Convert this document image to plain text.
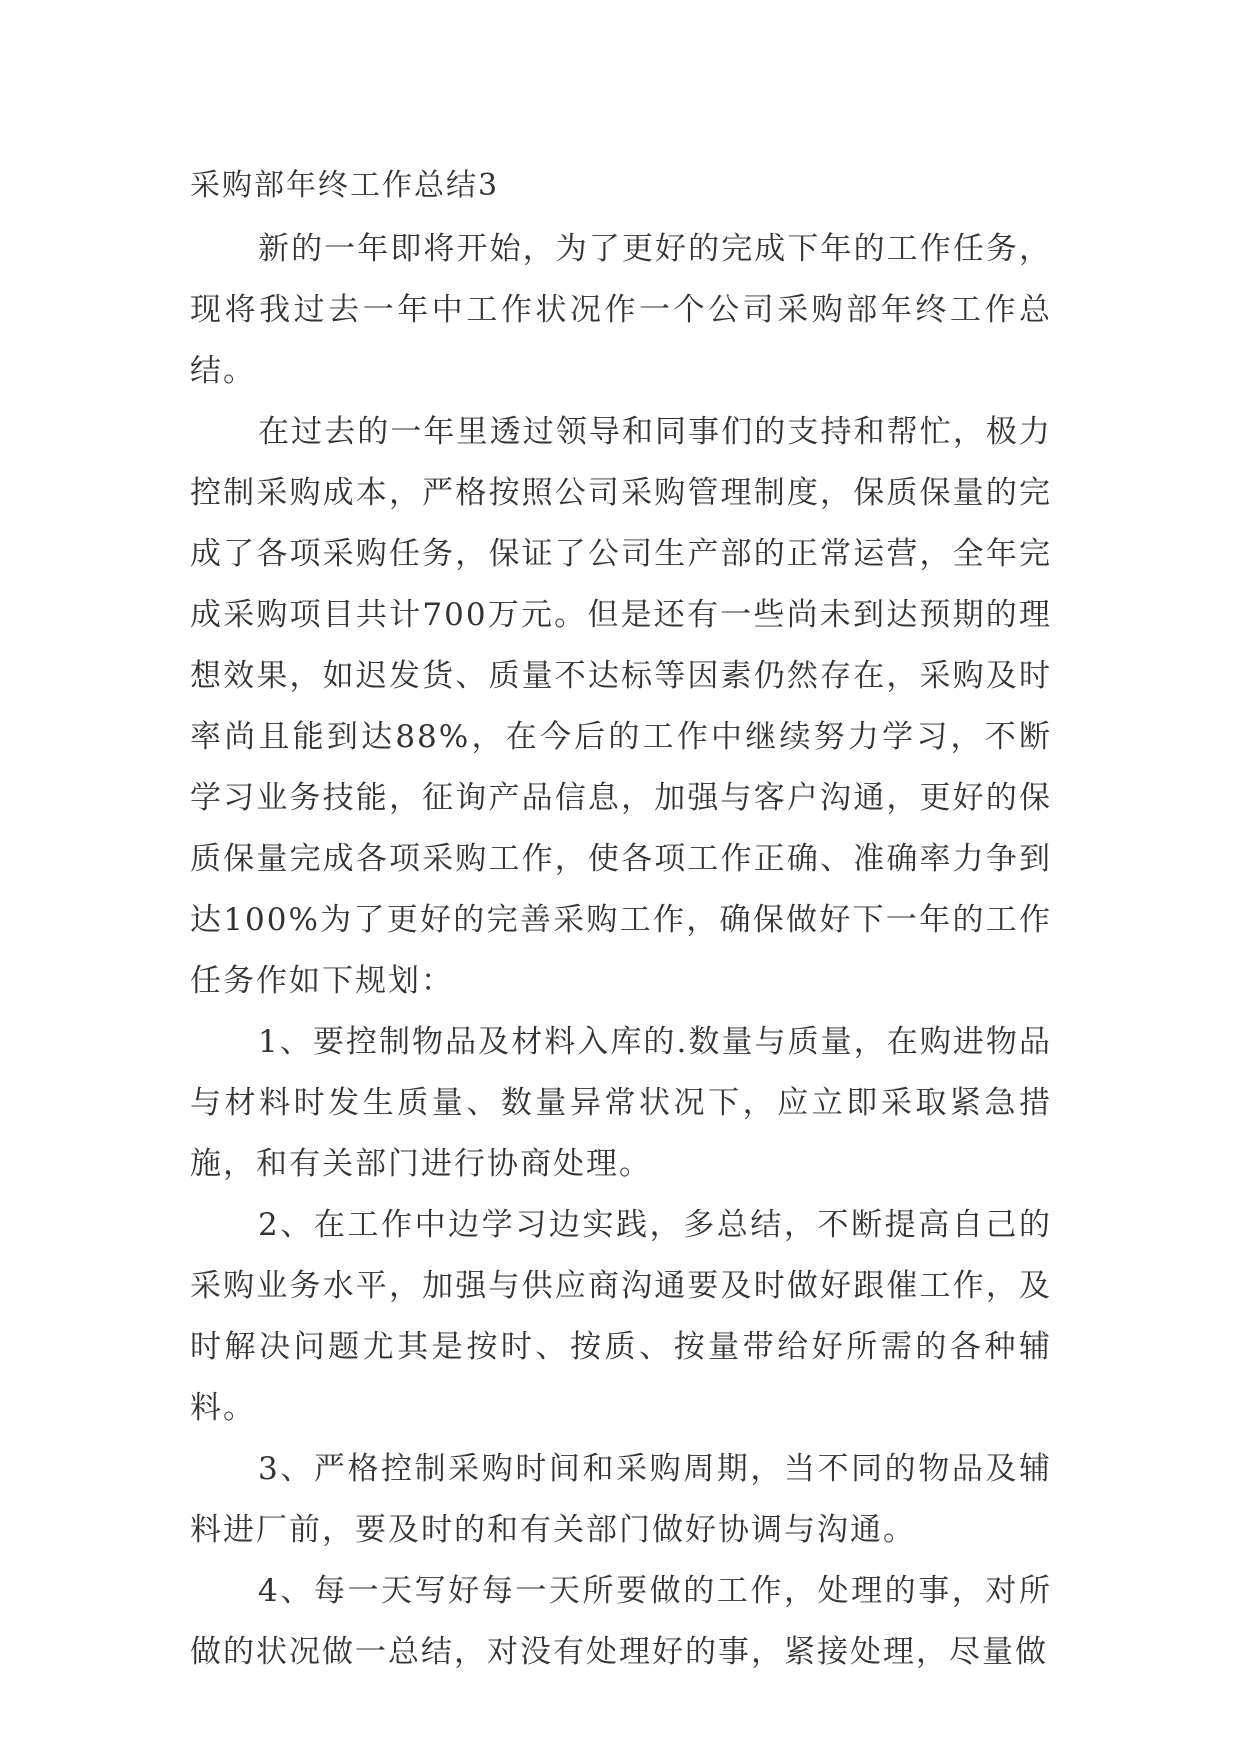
采购部年终工作总结3

新的一年即将开始，为了更好的完成下年的工作任务，现将我过去一年中工作状况作一个公司采购部年终工作总结。

在过去的一年里透过领导和同事们的支持和帮忙，极力控制采购成本，严格按照公司采购管理制度，保质保量的完成了各项采购任务，保证了公司生产部的正常运营，全年完成采购项目共计700万元。但是还有一些尚未到达预期的理想效果，如迟发货、质量不达标等因素仍然存在，采购及时率尚且能到达88%，在今后的工作中继续努力学习，不断学习业务技能，征询产品信息，加强与客户沟通，更好的保质保量完成各项采购工作，使各项工作正确、准确率力争到达100%为了更好的完善采购工作，确保做好下一年的工作任务作如下规划：

1、要控制物品及材料入库的.数量与质量，在购进物品与材料时发生质量、数量异常状况下，应立即采取紧急措施，和有关部门进行协商处理。

2、在工作中边学习边实践，多总结，不断提高自己的采购业务水平，加强与供应商沟通要及时做好跟催工作，及时解决问题尤其是按时、按质、按量带给好所需的各种辅料。

3、严格控制采购时间和采购周期，当不同的物品及辅料进厂前，要及时的和有关部门做好协调与沟通。

4、每一天写好每一天所要做的工作，处理的事，对所做的状况做一总结，对没有处理好的事，紧接处理，尽量做
